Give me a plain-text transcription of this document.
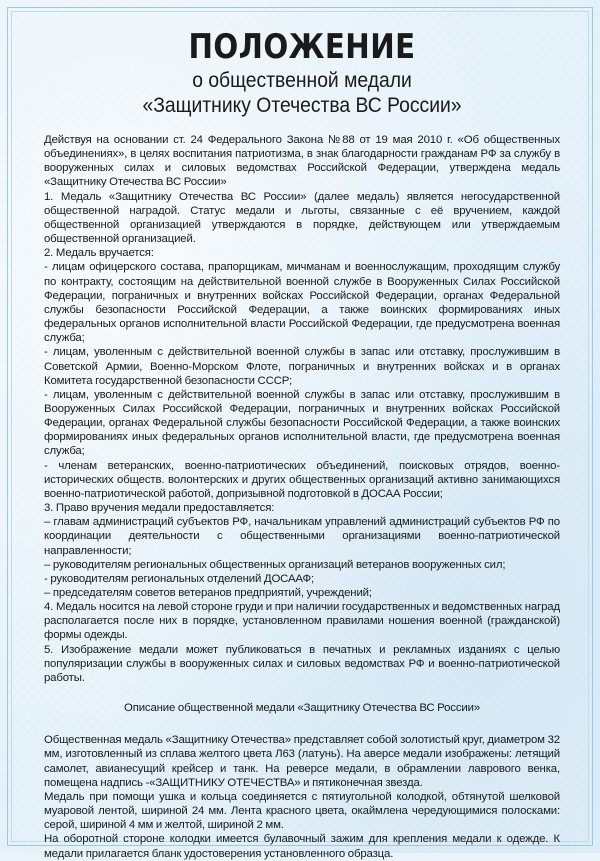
ПОЛОЖЕНИЕ

о общественной медали

«Защитнику Отечества ВС России»

Действуя на основании ст. 24 Федерального Закона №88 от 19 мая 2010 г. «Об общественных объединениях», в целях воспитания патриотизма, в знак благодарности гражданам РФ за службу в вооруженных силах и силовых ведомствах Российской Федерации, утверждена медаль «Защитнику Отечества ВС России»

1. Медаль «Защитнику Отечества ВС России» (далее медаль) является негосударственной общественной наградой. Статус медали и льготы, связанные с её вручением, каждой общественной организацией утверждаются в порядке, действующем или утверждаемым общественной организацией.

2. Медаль вручается:

- лицам офицерского состава, прапорщикам, мичманам и военнослужащим, проходящим службу по контракту, состоящим на действительной военной службе в Вооруженных Силах Российской Федерации, пограничных и внутренних войсках Российской Федерации, органах Федеральной службы безопасности Российской Федерации, а также воинских формированиях иных федеральных органов исполнительной власти Российской Федерации, где предусмотрена военная служба;

- лицам, уволенным с действительной военной службы в запас или отставку, прослужившим в Советской Армии, Военно-Морском Флоте, пограничных и внутренних войсках и в органах Комитета государственной безопасности СССР;

- лицам, уволенным с действительной военной службы в запас или отставку, прослужившим в Вооруженных Силах Российской Федерации, пограничных и внутренних войсках Российской Федерации, органах Федеральной службы безопасности Российской Федерации, а также воинских формированиях иных федеральных органов исполнительной власти, где предусмотрена военная служба;

- членам ветеранских, военно-патриотических объединений, поисковых отрядов, военно-исторических обществ. волонтерских и других общественных организаций активно занимающихся военно-патриотической работой, допризывной подготовкой в ДОСАА России;

3. Право вручения медали предоставляется:

– главам администраций субъектов РФ, начальникам управлений администраций субъектов РФ по координации деятельности с общественными организациями военно-патриотической направленности;

– руководителям региональных общественных организаций ветеранов вооруженных сил;

- руководителям региональных отделений ДОСААФ;

– председателям советов ветеранов предприятий, учреждений;

4. Медаль носится на левой стороне груди и при наличии государственных и ведомственных наград располагается после них в порядке, установленном правилами ношения военной (гражданской) формы одежды.

5. Изображение медали может публиковаться в печатных и рекламных изданиях с целью популяризации службы в вооруженных силах и силовых ведомствах РФ и военно-патриотической работы.

Описание общественной медали «Защитнику Отечества ВС России»

Общественная медаль «Защитнику Отечества» представляет собой золотистый круг, диаметром 32 мм, изготовленный из сплава желтого цвета Л63 (латунь). На аверсе медали изображены: летящий самолет, авианесущий крейсер и танк. На реверсе медали, в обрамлении лаврового венка, помещена надпись -«ЗАЩИТНИКУ ОТЕЧЕСТВА» и пятиконечная звезда.

Медаль при помощи ушка и кольца соединяется с пятиугольной колодкой, обтянутой шелковой муаровой лентой, шириной 24 мм. Лента красного цвета, окаймлена чередующимися полосками: серой, шириной 4 мм и желтой, шириной 2 мм.

На оборотной стороне колодки имеется булавочный зажим для крепления медали к одежде. К медали прилагается бланк удостоверения установленного образца.
